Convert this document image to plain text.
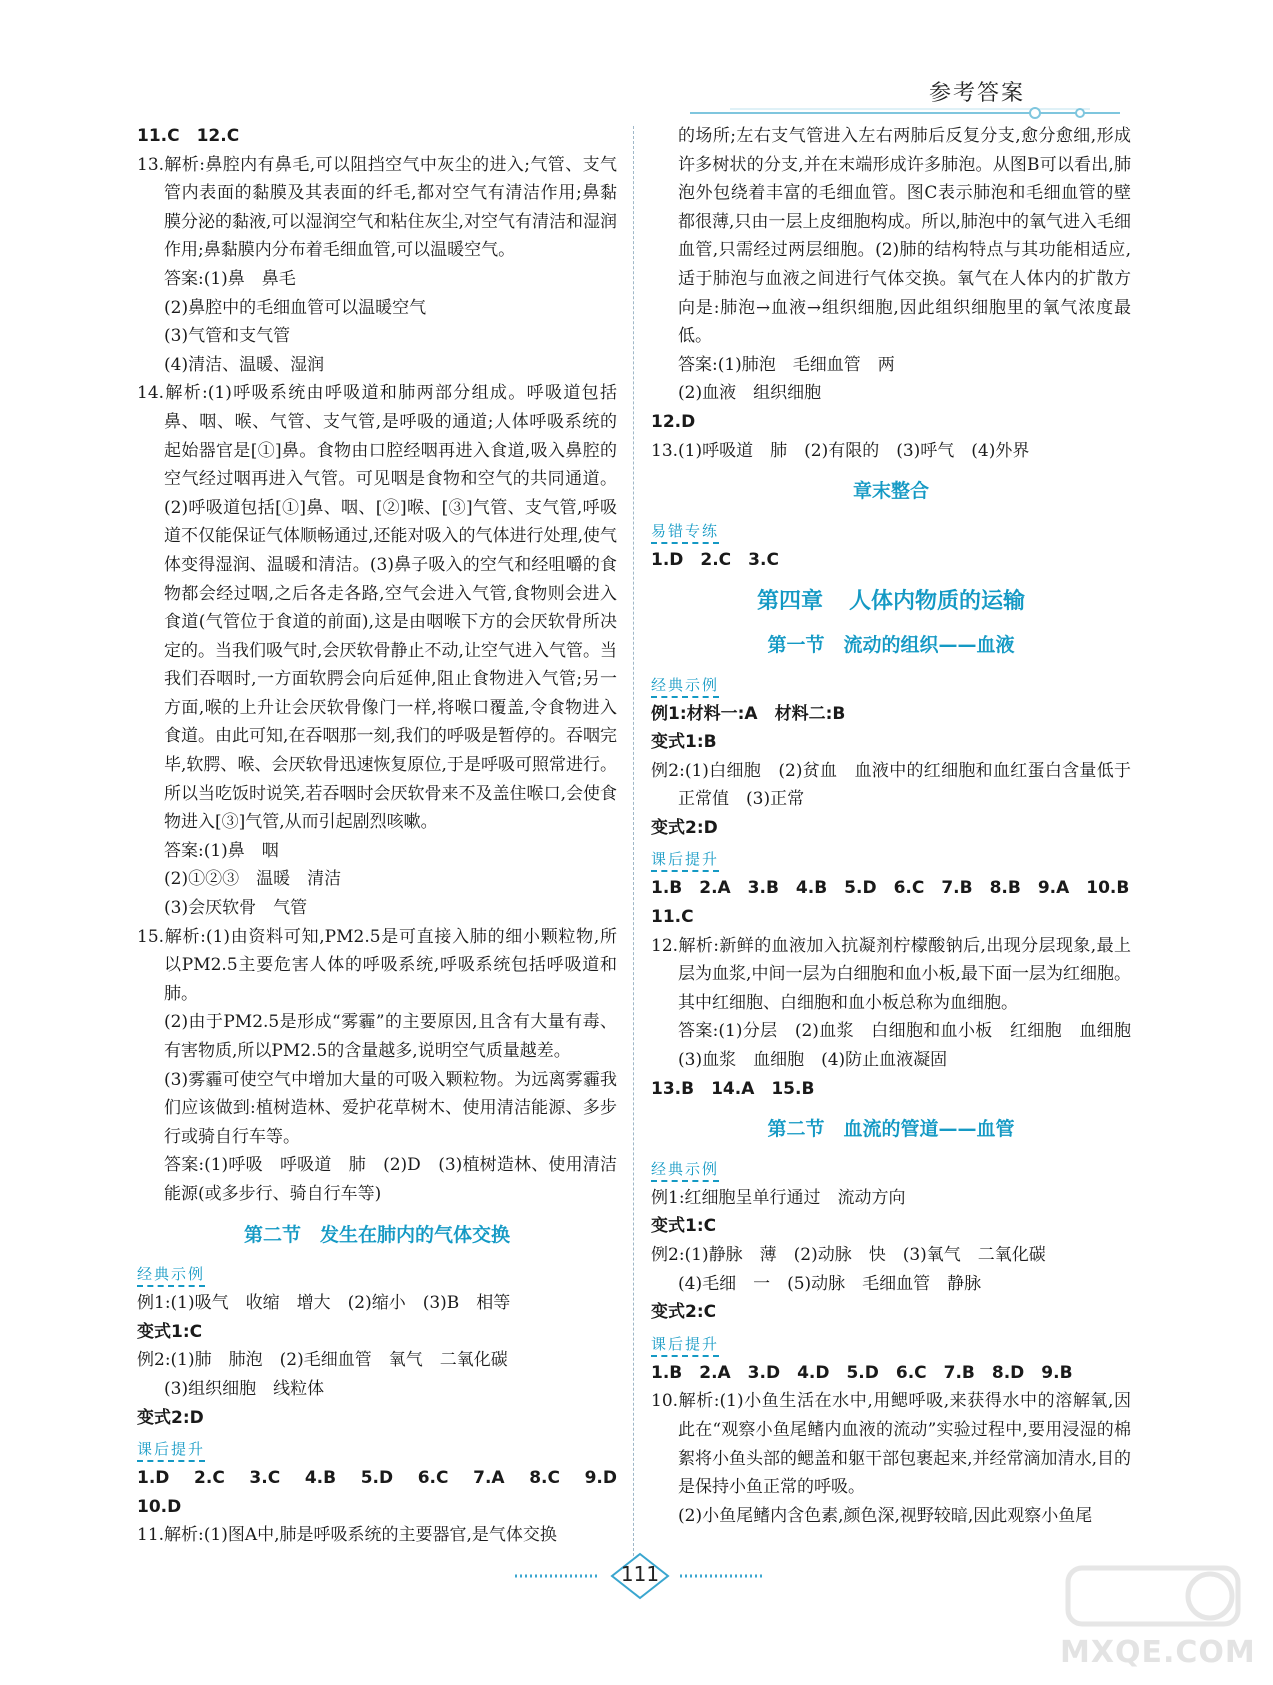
参考答案
11.C　12.C
13.解析:鼻腔内有鼻毛,可以阻挡空气中灰尘的进入;气管、支气管内表面的黏膜及其表面的纤毛,都对空气有清洁作用;鼻黏膜分泌的黏液,可以湿润空气和粘住灰尘,对空气有清洁和湿润作用;鼻黏膜内分布着毛细血管,可以温暖空气。
答案:(1)鼻　鼻毛
(2)鼻腔中的毛细血管可以温暖空气
(3)气管和支气管
(4)清洁、温暖、湿润
14.解析:(1)呼吸系统由呼吸道和肺两部分组成。呼吸道包括鼻、咽、喉、气管、支气管,是呼吸的通道;人体呼吸系统的起始器官是[①]鼻。食物由口腔经咽再进入食道,吸入鼻腔的空气经过咽再进入气管。可见咽是食物和空气的共同通道。(2)呼吸道包括[①]鼻、咽、[②]喉、[③]气管、支气管,呼吸道不仅能保证气体顺畅通过,还能对吸入的气体进行处理,使气体变得湿润、温暖和清洁。(3)鼻子吸入的空气和经咀嚼的食物都会经过咽,之后各走各路,空气会进入气管,食物则会进入食道(气管位于食道的前面),这是由咽喉下方的会厌软骨所决定的。当我们吸气时,会厌软骨静止不动,让空气进入气管。当我们吞咽时,一方面软腭会向后延伸,阻止食物进入气管;另一方面,喉的上升让会厌软骨像门一样,将喉口覆盖,令食物进入食道。由此可知,在吞咽那一刻,我们的呼吸是暂停的。吞咽完毕,软腭、喉、会厌软骨迅速恢复原位,于是呼吸可照常进行。所以当吃饭时说笑,若吞咽时会厌软骨来不及盖住喉口,会使食物进入[③]气管,从而引起剧烈咳嗽。
答案:(1)鼻　咽
(2)①②③　温暖　清洁
(3)会厌软骨　气管
15.解析:(1)由资料可知,PM2.5是可直接入肺的细小颗粒物,所以PM2.5主要危害人体的呼吸系统,呼吸系统包括呼吸道和肺。
(2)由于PM2.5是形成“雾霾”的主要原因,且含有大量有毒、有害物质,所以PM2.5的含量越多,说明空气质量越差。
(3)雾霾可使空气中增加大量的可吸入颗粒物。为远离雾霾我们应该做到:植树造林、爱护花草树木、使用清洁能源、多步行或骑自行车等。
答案:(1)呼吸　呼吸道　肺　(2)D　(3)植树造林、使用清洁能源(或多步行、骑自行车等)
第二节　发生在肺内的气体交换
经典示例
例1:(1)吸气　收缩　增大　(2)缩小　(3)B　相等
变式1:C
例2:(1)肺　肺泡　(2)毛细血管　氧气　二氧化碳
(3)组织细胞　线粒体
变式2:D
课后提升
1.D　2.C　3.C　4.B　5.D　6.C　7.A　8.C　9.D　10.D
11.解析:(1)图A中,肺是呼吸系统的主要器官,是气体交换
的场所;左右支气管进入左右两肺后反复分支,愈分愈细,形成许多树状的分支,并在末端形成许多肺泡。从图B可以看出,肺泡外包绕着丰富的毛细血管。图C表示肺泡和毛细血管的壁都很薄,只由一层上皮细胞构成。所以,肺泡中的氧气进入毛细血管,只需经过两层细胞。(2)肺的结构特点与其功能相适应,适于肺泡与血液之间进行气体交换。氧气在人体内的扩散方向是:肺泡→血液→组织细胞,因此组织细胞里的氧气浓度最低。
答案:(1)肺泡　毛细血管　两
(2)血液　组织细胞
12.D
13.(1)呼吸道　肺　(2)有限的　(3)呼气　(4)外界
章末整合
易错专练
1.D　2.C　3.C
第四章 人体内物质的运输
第一节　流动的组织——血液
经典示例
例1:材料一:A　材料二:B
变式1:B
例2:(1)白细胞　(2)贫血　血液中的红细胞和血红蛋白含量低于正常值　(3)正常
变式2:D
课后提升
1.B　2.A　3.B　4.B　5.D　6.C　7.B　8.B　9.A　10.B
11.C
12.解析:新鲜的血液加入抗凝剂柠檬酸钠后,出现分层现象,最上层为血浆,中间一层为白细胞和血小板,最下面一层为红细胞。其中红细胞、白细胞和血小板总称为血细胞。
答案:(1)分层　(2)血浆　白细胞和血小板　红细胞　血细胞　(3)血浆　血细胞　(4)防止血液凝固
13.B　14.A　15.B
第二节　血流的管道——血管
经典示例
例1:红细胞呈单行通过　流动方向
变式1:C
例2:(1)静脉　薄　(2)动脉　快　(3)氧气　二氧化碳
(4)毛细　一　(5)动脉　毛细血管　静脉
变式2:C
课后提升
1.B　2.A　3.D　4.D　5.D　6.C　7.B　8.D　9.B
10.解析:(1)小鱼生活在水中,用鳃呼吸,来获得水中的溶解氧,因此在“观察小鱼尾鳍内血液的流动”实验过程中,要用浸湿的棉絮将小鱼头部的鳃盖和躯干部包裹起来,并经常滴加清水,目的是保持小鱼正常的呼吸。
(2)小鱼尾鳍内含色素,颜色深,视野较暗,因此观察小鱼尾
111
MXQE.COM
